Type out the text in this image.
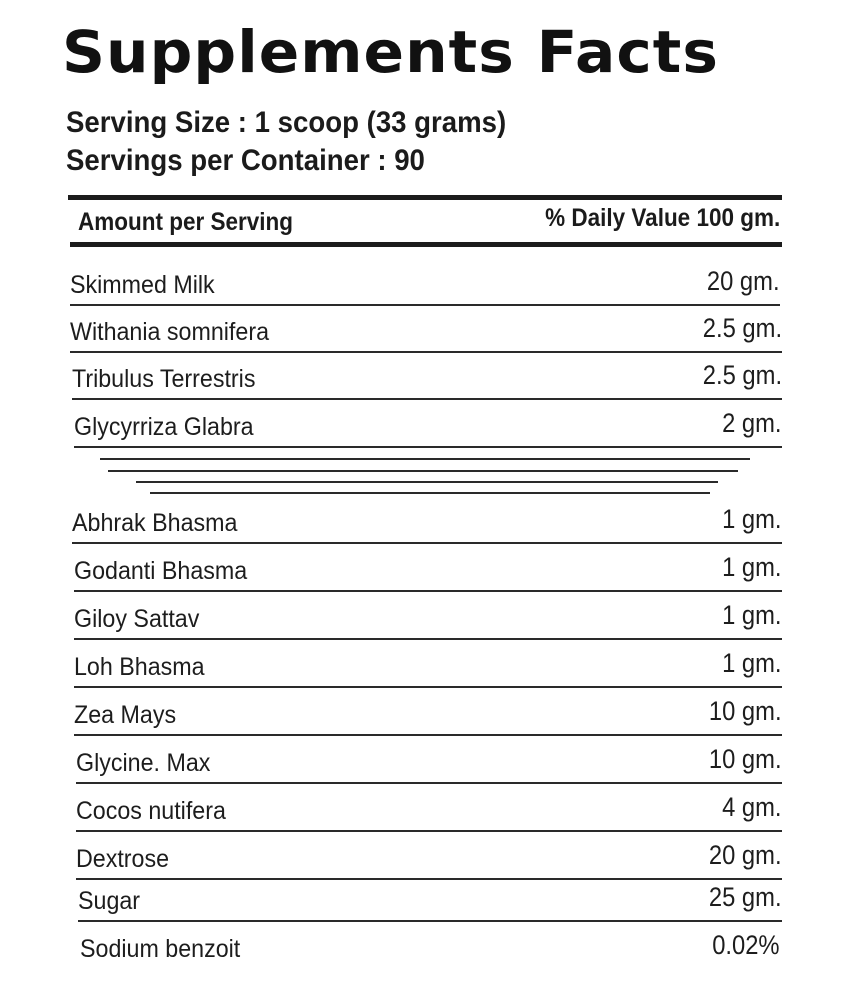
Supplements Facts
Serving Size : 1 scoop (33 grams)
Servings per Container : 90
Amount per Serving	% Daily Value 100 gm.
Skimmed Milk	20 gm.
Withania somnifera	2.5 gm.
Tribulus Terrestris	2.5 gm.
Glycyrriza Glabra	2 gm.
Abhrak Bhasma	1 gm.
Godanti Bhasma	1 gm.
Giloy Sattav	1 gm.
Loh Bhasma	1 gm.
Zea Mays	10 gm.
Glycine. Max	10 gm.
Cocos nutifera	4 gm.
Dextrose	20 gm.
Sugar	25 gm.
Sodium benzoit	0.02%
